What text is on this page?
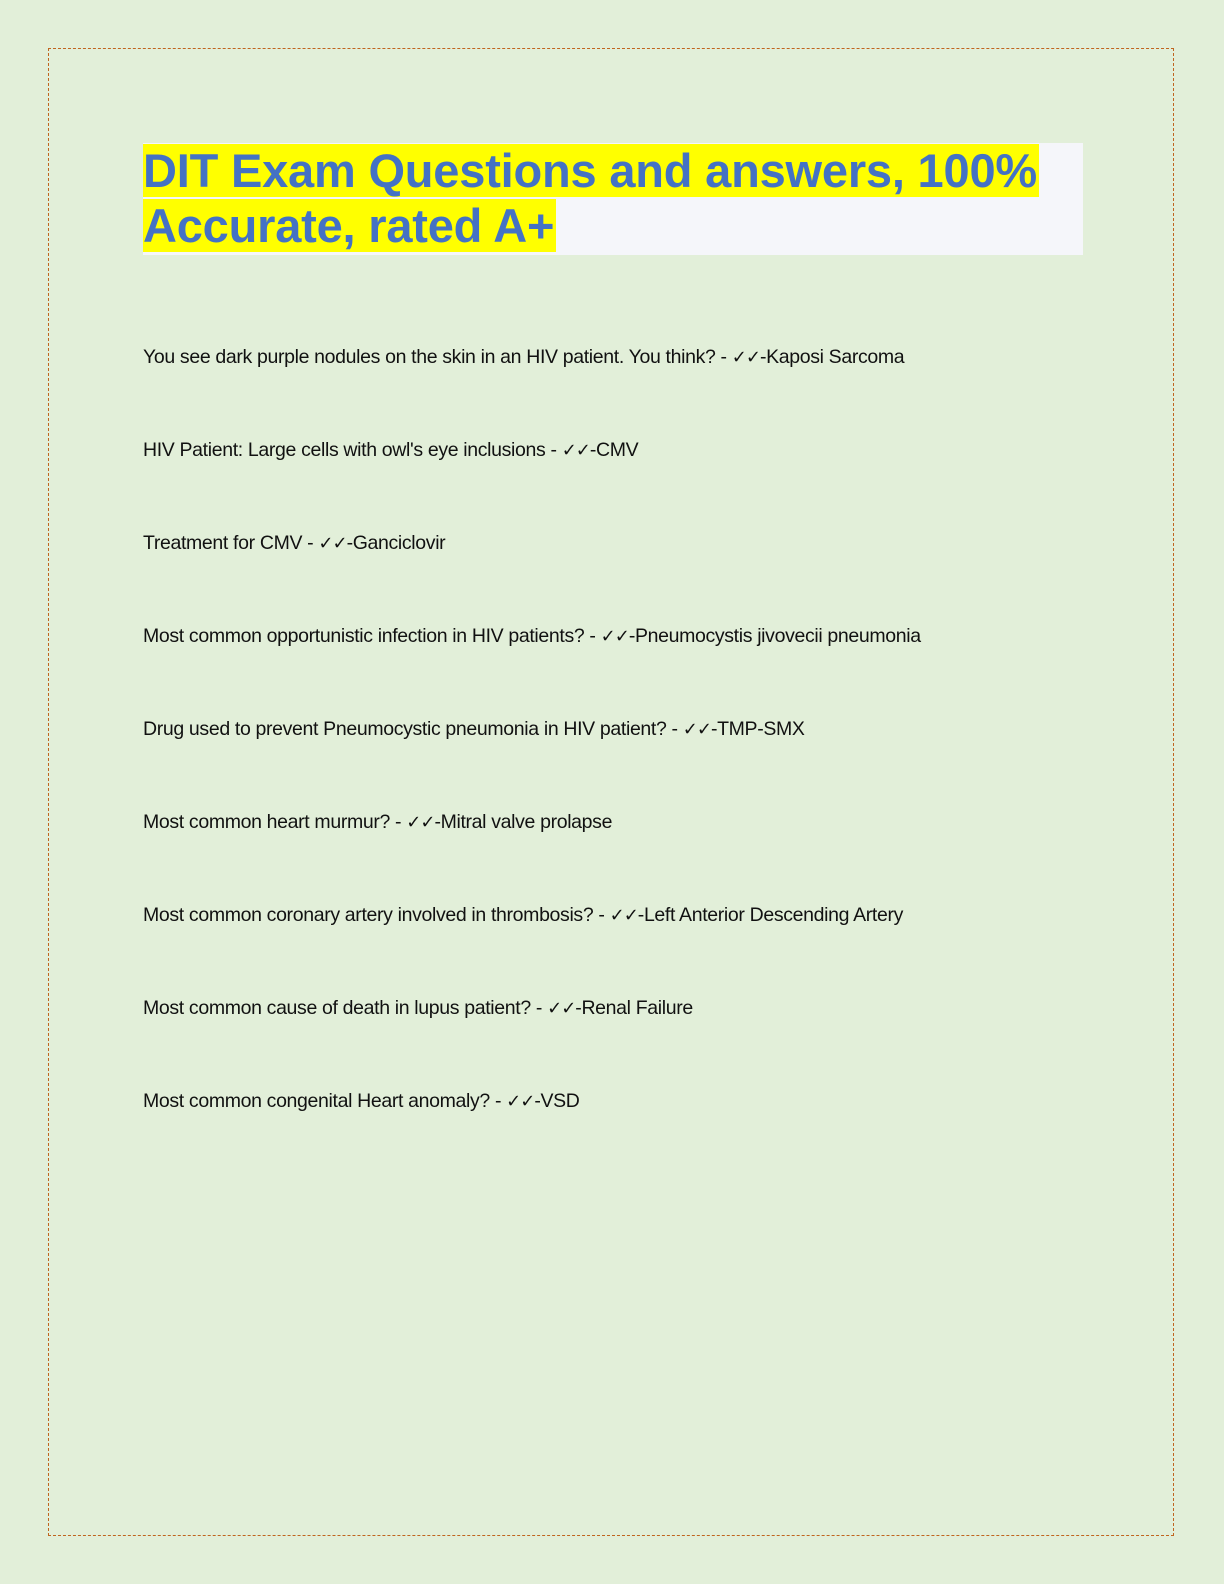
DIT Exam Questions and answers, 100%
Accurate, rated A+
You see dark purple nodules on the skin in an HIV patient. You think? - ✓✓-Kaposi Sarcoma
HIV Patient: Large cells with owl's eye inclusions - ✓✓-CMV
Treatment for CMV - ✓✓-Ganciclovir
Most common opportunistic infection in HIV patients? - ✓✓-Pneumocystis jivovecii pneumonia
Drug used to prevent Pneumocystic pneumonia in HIV patient? - ✓✓-TMP-SMX
Most common heart murmur? - ✓✓-Mitral valve prolapse
Most common coronary artery involved in thrombosis? - ✓✓-Left Anterior Descending Artery
Most common cause of death in lupus patient? - ✓✓-Renal Failure
Most common congenital Heart anomaly? - ✓✓-VSD
